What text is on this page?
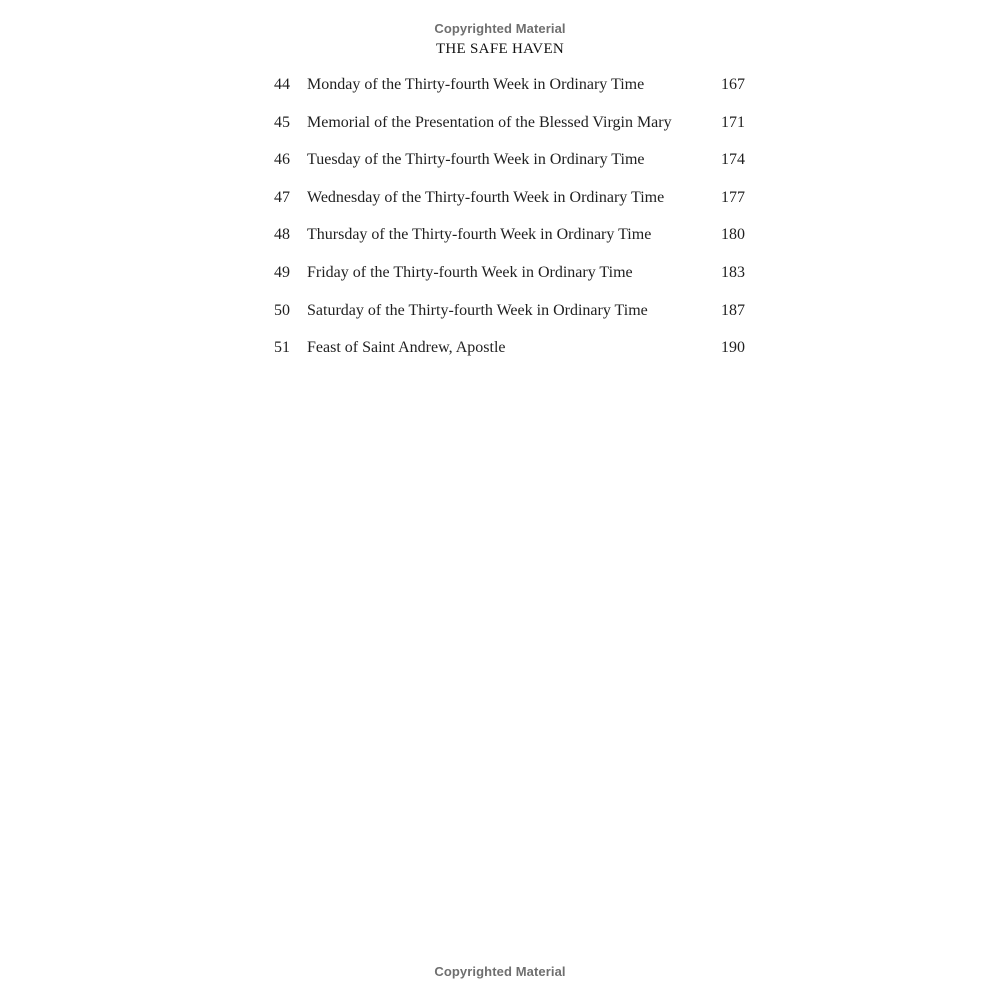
Copyrighted Material
THE SAFE HAVEN
44	Monday of the Thirty-fourth Week in Ordinary Time	167
45	Memorial of the Presentation of the Blessed Virgin Mary	171
46	Tuesday of the Thirty-fourth Week in Ordinary Time	174
47	Wednesday of the Thirty-fourth Week in Ordinary Time	177
48	Thursday of the Thirty-fourth Week in Ordinary Time	180
49	Friday of the Thirty-fourth Week in Ordinary Time	183
50	Saturday of the Thirty-fourth Week in Ordinary Time	187
51	Feast of Saint Andrew, Apostle	190
Copyrighted Material
